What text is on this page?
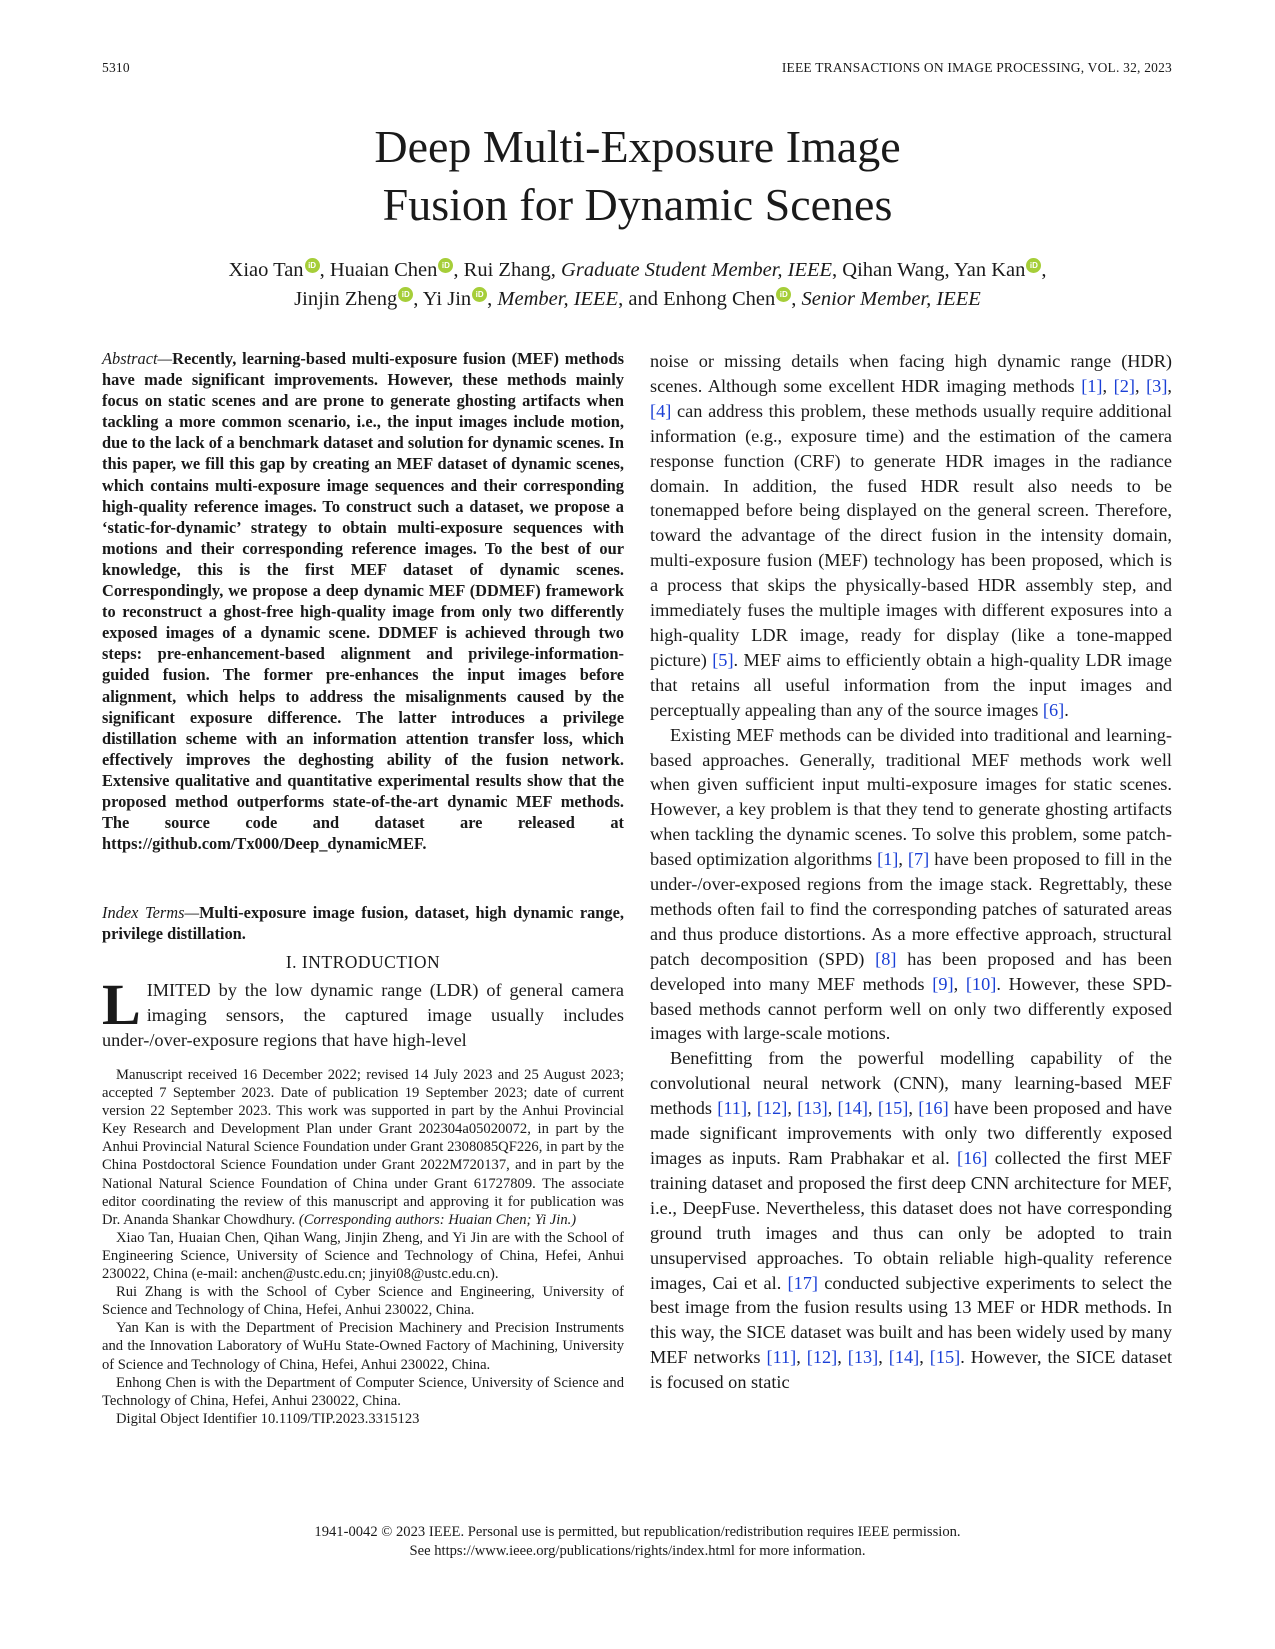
5310	IEEE TRANSACTIONS ON IMAGE PROCESSING, VOL. 32, 2023
Deep Multi-Exposure Image
Fusion for Dynamic Scenes
Xiao Tan iD , Huaian Chen iD , Rui Zhang, Graduate Student Member, IEEE, Qihan Wang, Yan Kan iD ,
Jinjin Zheng iD , Yi Jin iD , Member, IEEE, and Enhong Chen iD , Senior Member, IEEE
Abstract—Recently, learning-based multi-exposure fusion (MEF) methods have made significant improvements. However, these methods mainly focus on static scenes and are prone to generate ghosting artifacts when tackling a more common scenario, i.e., the input images include motion, due to the lack of a benchmark dataset and solution for dynamic scenes. In this paper, we fill this gap by creating an MEF dataset of dynamic scenes, which contains multi-exposure image sequences and their corresponding high-quality reference images. To construct such a dataset, we propose a ‘static-for-dynamic’ strategy to obtain multi-exposure sequences with motions and their corresponding reference images. To the best of our knowledge, this is the first MEF dataset of dynamic scenes. Correspondingly, we propose a deep dynamic MEF (DDMEF) framework to reconstruct a ghost-free high-quality image from only two differently exposed images of a dynamic scene. DDMEF is achieved through two steps: pre-enhancement-based alignment and privilege-information-guided fusion. The former pre-enhances the input images before alignment, which helps to address the misalignments caused by the significant exposure difference. The latter introduces a privilege distillation scheme with an information attention transfer loss, which effectively improves the deghosting ability of the fusion network. Extensive qualitative and quantitative experimental results show that the proposed method outperforms state-of-the-art dynamic MEF methods. The source code and dataset are released at https://github.com/Tx000/Deep_dynamicMEF.
Index Terms—Multi-exposure image fusion, dataset, high dynamic range, privilege distillation.
I. INTRODUCTION
LIMITED by the low dynamic range (LDR) of general camera imaging sensors, the captured image usually includes under-/over-exposure regions that have high-level

Manuscript received 16 December 2022; revised 14 July 2023 and 25 August 2023; accepted 7 September 2023. Date of publication 19 September 2023; date of current version 22 September 2023. This work was supported in part by the Anhui Provincial Key Research and Development Plan under Grant 202304a05020072, in part by the Anhui Provincial Natural Science Foundation under Grant 2308085QF226, in part by the China Postdoctoral Science Foundation under Grant 2022M720137, and in part by the National Natural Science Foundation of China under Grant 61727809. The associate editor coordinating the review of this manuscript and approving it for publication was Dr. Ananda Shankar Chowdhury. (Corresponding authors: Huaian Chen; Yi Jin.)

Xiao Tan, Huaian Chen, Qihan Wang, Jinjin Zheng, and Yi Jin are with the School of Engineering Science, University of Science and Technology of China, Hefei, Anhui 230022, China (e-mail: anchen@ustc.edu.cn; jinyi08@ustc.edu.cn).

Rui Zhang is with the School of Cyber Science and Engineering, University of Science and Technology of China, Hefei, Anhui 230022, China.

Yan Kan is with the Department of Precision Machinery and Precision Instruments and the Innovation Laboratory of WuHu State-Owned Factory of Machining, University of Science and Technology of China, Hefei, Anhui 230022, China.

Enhong Chen is with the Department of Computer Science, University of Science and Technology of China, Hefei, Anhui 230022, China.

Digital Object Identifier 10.1109/TIP.2023.3315123

noise or missing details when facing high dynamic range (HDR) scenes. Although some excellent HDR imaging methods [1], [2], [3], [4] can address this problem, these methods usually require additional information (e.g., exposure time) and the estimation of the camera response function (CRF) to generate HDR images in the radiance domain. In addition, the fused HDR result also needs to be tonemapped before being displayed on the general screen. Therefore, toward the advantage of the direct fusion in the intensity domain, multi-exposure fusion (MEF) technology has been proposed, which is a process that skips the physically-based HDR assembly step, and immediately fuses the multiple images with different exposures into a high-quality LDR image, ready for display (like a tone-mapped picture) [5]. MEF aims to efficiently obtain a high-quality LDR image that retains all useful information from the input images and perceptually appealing than any of the source images [6].

Existing MEF methods can be divided into traditional and learning-based approaches. Generally, traditional MEF methods work well when given sufficient input multi-exposure images for static scenes. However, a key problem is that they tend to generate ghosting artifacts when tackling the dynamic scenes. To solve this problem, some patch-based optimization algorithms [1], [7] have been proposed to fill in the under-/over-exposed regions from the image stack. Regrettably, these methods often fail to find the corresponding patches of saturated areas and thus produce distortions. As a more effective approach, structural patch decomposition (SPD) [8] has been proposed and has been developed into many MEF methods [9], [10]. However, these SPD-based methods cannot perform well on only two differently exposed images with large-scale motions.

Benefitting from the powerful modelling capability of the convolutional neural network (CNN), many learning-based MEF methods [11], [12], [13], [14], [15], [16] have been proposed and have made significant improvements with only two differently exposed images as inputs. Ram Prabhakar et al. [16] collected the first MEF training dataset and proposed the first deep CNN architecture for MEF, i.e., DeepFuse. Nevertheless, this dataset does not have corresponding ground truth images and thus can only be adopted to train unsupervised approaches. To obtain reliable high-quality reference images, Cai et al. [17] conducted subjective experiments to select the best image from the fusion results using 13 MEF or HDR methods. In this way, the SICE dataset was built and has been widely used by many MEF networks [11], [12], [13], [14], [15]. However, the SICE dataset is focused on static

1941-0042 © 2023 IEEE. Personal use is permitted, but republication/redistribution requires IEEE permission.
See https://www.ieee.org/publications/rights/index.html for more information.
